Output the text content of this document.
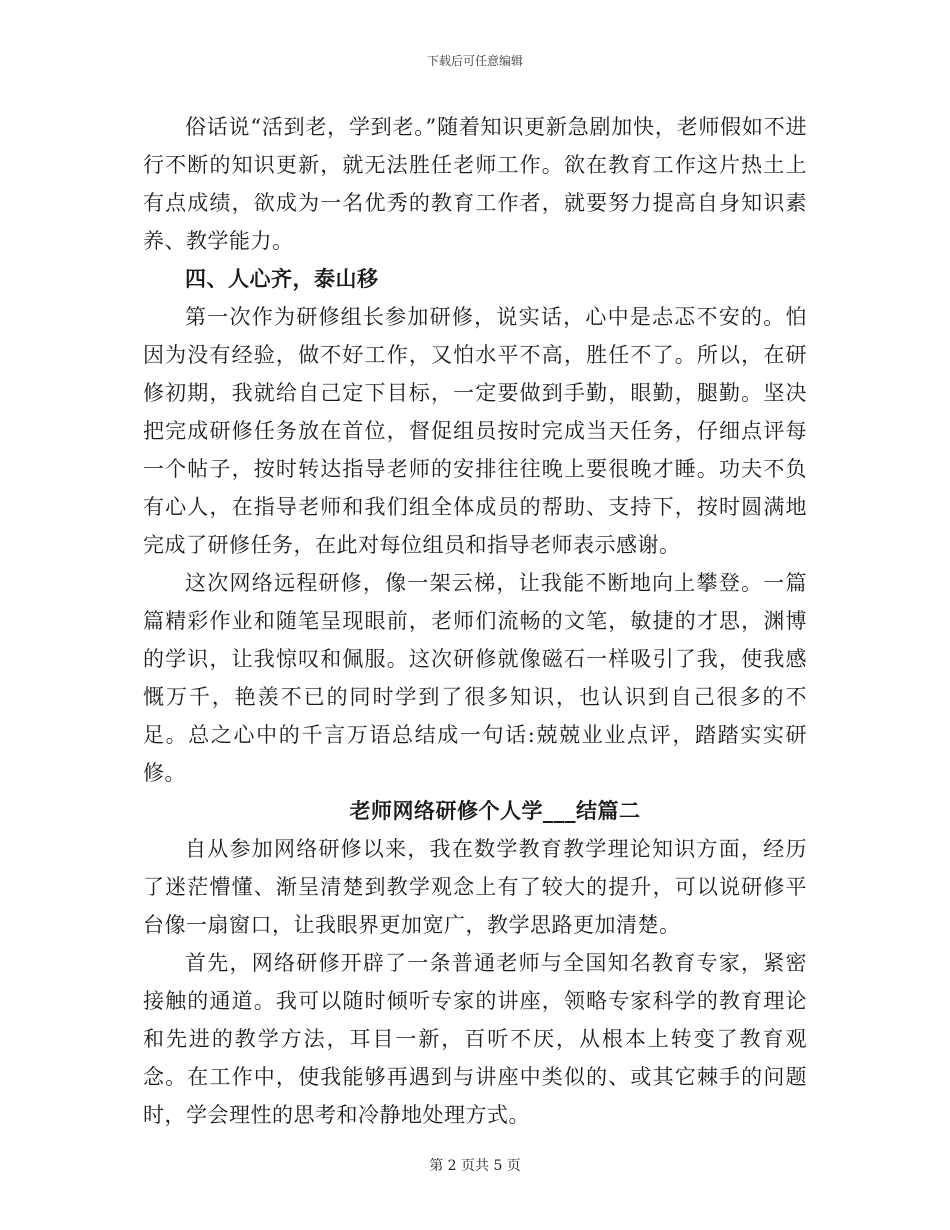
下载后可任意编辑

俗话说“活到老，学到老。”随着知识更新急剧加快，老师假如不进行不断的知识更新，就无法胜任老师工作。欲在教育工作这片热土上有点成绩，欲成为一名优秀的教育工作者，就要努力提高自身知识素养、教学能力。

四、人心齐，泰山移

第一次作为研修组长参加研修，说实话，心中是忐忑不安的。怕因为没有经验，做不好工作，又怕水平不高，胜任不了。所以，在研修初期，我就给自己定下目标，一定要做到手勤，眼勤，腿勤。坚决把完成研修任务放在首位，督促组员按时完成当天任务，仔细点评每一个帖子，按时转达指导老师的安排往往晚上要很晚才睡。功夫不负有心人，在指导老师和我们组全体成员的帮助、支持下，按时圆满地完成了研修任务，在此对每位组员和指导老师表示感谢。

这次网络远程研修，像一架云梯，让我能不断地向上攀登。一篇篇精彩作业和随笔呈现眼前，老师们流畅的文笔，敏捷的才思，渊博的学识，让我惊叹和佩服。这次研修就像磁石一样吸引了我，使我感慨万千，艳羡不已的同时学到了很多知识，也认识到自己很多的不足。总之心中的千言万语总结成一句话:兢兢业业点评，踏踏实实研修。

老师网络研修个人学___结篇二

自从参加网络研修以来，我在数学教育教学理论知识方面，经历了迷茫懵懂、渐呈清楚到教学观念上有了较大的提升，可以说研修平台像一扇窗口，让我眼界更加宽广，教学思路更加清楚。

首先，网络研修开辟了一条普通老师与全国知名教育专家，紧密接触的通道。我可以随时倾听专家的讲座，领略专家科学的教育理论和先进的教学方法，耳目一新，百听不厌，从根本上转变了教育观念。在工作中，使我能够再遇到与讲座中类似的、或其它棘手的问题时，学会理性的思考和冷静地处理方式。

第 2 页共 5 页
